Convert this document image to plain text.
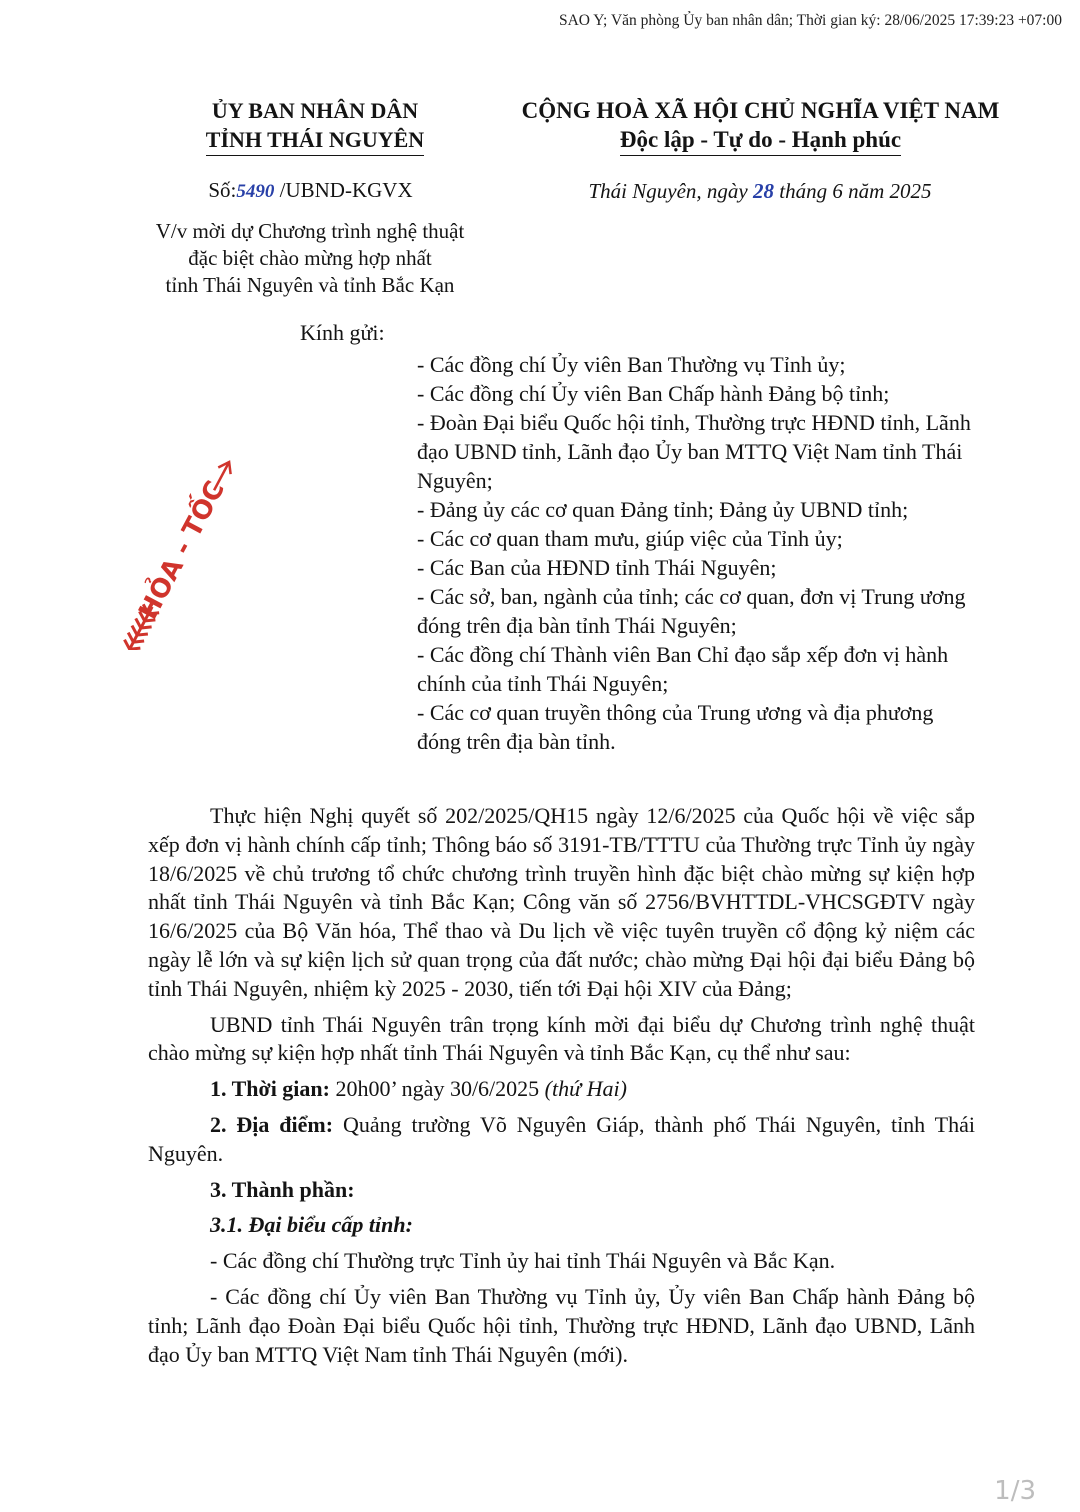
SAO Y; Văn phòng Ủy ban nhân dân; Thời gian ký: 28/06/2025 17:39:23 +07:00
ỦY BAN NHÂN DÂN
TỈNH THÁI NGUYÊN
CỘNG HOÀ XÃ HỘI CHỦ NGHĨA VIỆT NAM
Độc lập - Tự do - Hạnh phúc
Số:5490 /UBND-KGVX	Thái Nguyên, ngày 28 tháng 6 năm 2025
V/v mời dự Chương trình nghệ thuật
đặc biệt chào mừng hợp nhất
tỉnh Thái Nguyên và tỉnh Bắc Kạn
HỎA - TỐC
Kính gửi:

- Các đồng chí Ủy viên Ban Thường vụ Tỉnh ủy;

- Các đồng chí Ủy viên Ban Chấp hành Đảng bộ tỉnh;

- Đoàn Đại biểu Quốc hội tỉnh, Thường trực HĐND tỉnh, Lãnh đạo UBND tỉnh, Lãnh đạo Ủy ban MTTQ Việt Nam tỉnh Thái Nguyên;

- Đảng ủy các cơ quan Đảng tỉnh; Đảng ủy UBND tỉnh;

- Các cơ quan tham mưu, giúp việc của Tỉnh ủy;

- Các Ban của HĐND tỉnh Thái Nguyên;

- Các sở, ban, ngành của tỉnh; các cơ quan, đơn vị Trung ương đóng trên địa bàn tỉnh Thái Nguyên;

- Các đồng chí Thành viên Ban Chỉ đạo sắp xếp đơn vị hành chính của tỉnh Thái Nguyên;

- Các cơ quan truyền thông của Trung ương và địa phương đóng trên địa bàn tỉnh.

Thực hiện Nghị quyết số 202/2025/QH15 ngày 12/6/2025 của Quốc hội về việc sắp xếp đơn vị hành chính cấp tỉnh; Thông báo số 3191-TB/TTTU của Thường trực Tỉnh ủy ngày 18/6/2025 về chủ trương tổ chức chương trình truyền hình đặc biệt chào mừng sự kiện hợp nhất tỉnh Thái Nguyên và tỉnh Bắc Kạn; Công văn số 2756/BVHTTDL-VHCSGĐTV ngày 16/6/2025 của Bộ Văn hóa, Thể thao và Du lịch về việc tuyên truyền cổ động kỷ niệm các ngày lễ lớn và sự kiện lịch sử quan trọng của đất nước; chào mừng Đại hội đại biểu Đảng bộ tỉnh Thái Nguyên, nhiệm kỳ 2025 - 2030, tiến tới Đại hội XIV của Đảng;

UBND tỉnh Thái Nguyên trân trọng kính mời đại biểu dự Chương trình nghệ thuật chào mừng sự kiện hợp nhất tỉnh Thái Nguyên và tỉnh Bắc Kạn, cụ thể như sau:

1. Thời gian: 20h00’ ngày 30/6/2025 (thứ Hai)

2. Địa điểm: Quảng trường Võ Nguyên Giáp, thành phố Thái Nguyên, tỉnh Thái Nguyên.

3. Thành phần:

3.1. Đại biểu cấp tỉnh:

- Các đồng chí Thường trực Tỉnh ủy hai tỉnh Thái Nguyên và Bắc Kạn.

- Các đồng chí Ủy viên Ban Thường vụ Tỉnh ủy, Ủy viên Ban Chấp hành Đảng bộ tỉnh; Lãnh đạo Đoàn Đại biểu Quốc hội tỉnh, Thường trực HĐND, Lãnh đạo UBND, Lãnh đạo Ủy ban MTTQ Việt Nam tỉnh Thái Nguyên (mới).

1/3
